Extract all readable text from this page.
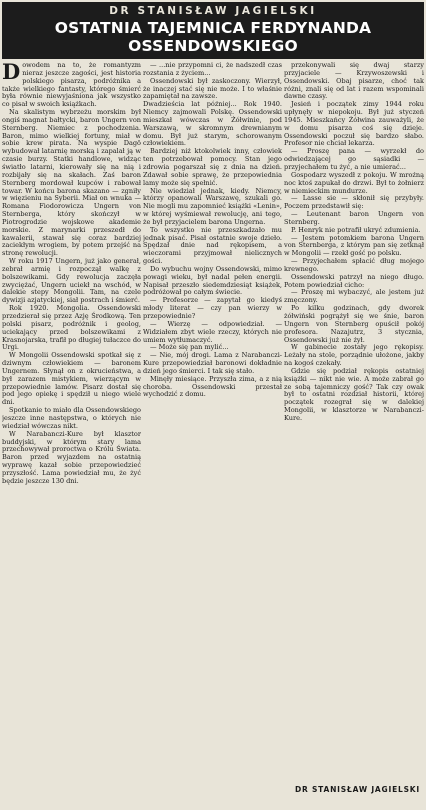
DR STANISŁAW JAGIELSKI
OSTATNIA TAJEMNICA FERDYNANDA OSSENDOWSKIEGO

Dowodem na to, że romantyzm nieraz jeszcze zagości, jest historia polskiego pisarza, podróżnika a także wielkiego fantasty, którego śmierć była równie niewyjaśniona jak wszystko co pisał w swoich książkach.

Na skalistym wybrzeżu morskim był ongiś magnat bałtycki, baron Ungern von Sternberg. Niemiec z pochodzenia. Baron, mimo wielkiej fortuny, miał w sobie krew pirata. Na wyspie Dagö wybudował latarnię morską i zapalał ją w czasie burzy. Statki handlowe, widząc światło latarni, kierowały się na nią i rozbijały się na skałach. Zaś baron Sternberg mordował kupców i rabował towar. W końcu barona skazano — zgniły w więzieniu na Syberii. Miał on wnuka — Romana Fiodorowicza Ungern von Sternberga, który skończył w Piotrogrodzie wojskowe akademie morskie. Z marynarki przeszedł do kawalerii, stawał się coraz bardziej zaciekłym wrogiem, by potem przejść na stronę rewolucji.

W roku 1917 Ungern, już jako generał, zebrał armię i rozpoczął walkę z bolszewikami. Gdy rewolucja zaczęła zwyciężać, Ungern uciekł na wschód, w dalekie stepy Mongolii. Tam, na czele dywizji azjatyckiej, siał postrach i śmierć.

Rok 1920. Mongolia. Ossendowski przedzierał się przez Azję Środkową. Ten polski pisarz, podróżnik i geolog, uciekający przed bolszewikami z Krasnojarska, trafił po długiej tułaczce do Urgi.

W Mongolii Ossendowski spotkał się z dziwnym człowiekiem — baronem Ungernem. Słynął on z okrucieństwa, a był zarazem mistykiem, wierzącym w przepowiednie lamów. Pisarz dostał się pod jego opiekę i spędził u niego wiele dni.

Spotkanie to miało dla Ossendowskiego jeszcze inne następstwa, o których nie wiedział wówczas nikt.

W Narabanczi-Kure był klasztor buddyjski, w którym stary lama przechowywał proroctwa o Królu Świata. Baron przed wyjazdem na ostatnią wyprawę kazał sobie przepowiedzieć przyszłość. Lama powiedział mu, że żyć będzie jeszcze 130 dni.

— ...nie przypomni ci, że nadszedł czas rozstania z życiem...

Ossendowski był zaskoczony. Wierzył, że inaczej stać się nie może. I to właśnie zapamiętał na zawsze.

Dwadzieścia lat później... Rok 1940. Niemcy zajmowali Polskę. Ossendowski mieszkał wówczas w Żółwinie, pod Warszawą, w skromnym drewnianym domu. Był już starym, schorowanym człowiekiem.

Bardziej niż ktokolwiek inny, człowiek ten potrzebował pomocy. Stan jego zdrowia pogarszał się z dnia na dzień. Zdawał sobie sprawę, że przepowiednia lamy może się spełnić.

Nie wiedział jednak, kiedy. Niemcy, którzy opanowali Warszawę, szukali go. Nie mogli mu zapomnieć książki «Lenin», w której wyśmiewał rewolucję, ani tego, że był przyjacielem barona Ungerna.

To wszystko nie przeszkadzało mu jednak pisać. Pisał ostatnie swoje dzieło. Spędzał dnie nad rękopisem, a wieczorami przyjmował nielicznych gości.

Do wybuchu wojny Ossendowski, mimo powagi wieku, był nadal pełen energii. Napisał przeszło siedemdziesiąt książek, podróżował po całym świecie.

— Profesorze — zapytał go kiedyś młody literat — czy pan wierzy w przepowiednie?

— Wierzę — odpowiedział. — Widziałem zbyt wiele rzeczy, których nie umiem wytłumaczyć.

— Może się pan mylić...

— Nie, mój drogi. Lama z Narabanczi-Kure przepowiedział baronowi dokładnie dzień jego śmierci. I tak się stało.

Minęły miesiące. Przyszła zima, a z nią choroba. Ossendowski przestał wychodzić z domu.

przekonywali się dwaj starzy przyjaciele — Krzywoszewski i Ossendowski. Obaj pisarze, choć tak różni, znali się od lat i razem wspominali dawne czasy.

Jesień i początek zimy 1944 roku upłynęły w niepokoju. Był już styczeń 1945. Mieszkańcy Żółwina zauważyli, że w domu pisarza coś się dzieje. Ossendowski poczuł się bardzo słabo. Profesor nie chciał lekarza.

— Proszę pana — wyrzekł do odwiedzającej go sąsiadki — przyjechałem tu żyć, a nie umierać...

Gospodarz wyszedł z pokoju. W mroźną noc ktoś zapukał do drzwi. Był to żołnierz w niemieckim mundurze.

— Lasse sie — skłonił się przybyły. Poczem przedstawił się:

— Leutenant baron Ungern von Sternberg.

P. Henryk nie potrafił ukryć zdumienia.

— Jestem potomkiem barona Ungern von Sternberga, z którym pan się zetknął w Mongolii — rzekł gość po polsku.

— Przyjechałem spłacić dług mojego krewnego.

Ossendowski patrzył na niego długo. Potem powiedział cicho:

— Proszę mi wybaczyć, ale jestem już zmęczony.

Po kilku godzinach, gdy dworek żółwiński pogrążył się we śnie, baron Ungern von Sternberg opuścił pokój profesora. Nazajutrz, 3 stycznia, Ossendowski już nie żył.

W gabinecie zostały jego rękopisy. Leżały na stole, porządnie ułożone, jakby na kogoś czekały.

Gdzie się podział rękopis ostatniej książki — nikt nie wie. A może zabrał go ze sobą tajemniczy gość? Tak czy owak był to ostatni rozdział historii, której początek rozegrał się w dalekiej Mongolii, w klasztorze w Narabanczi-Kure.

DR STANISŁAW JAGIELSKI
